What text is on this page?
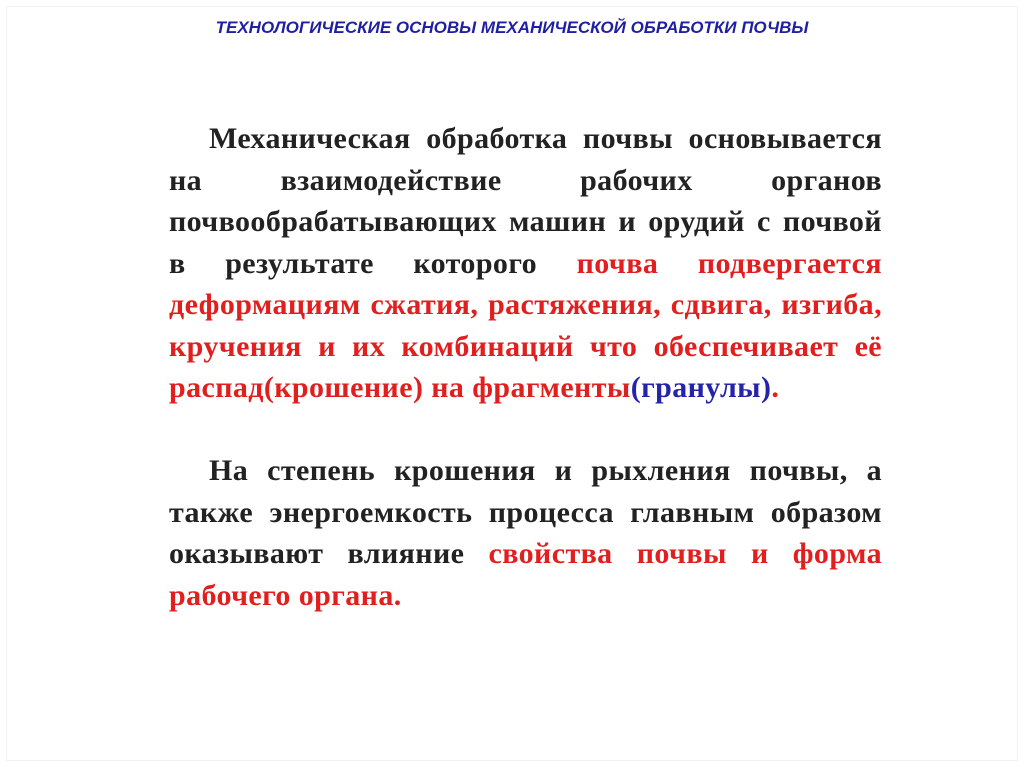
ТЕХНОЛОГИЧЕСКИЕ ОСНОВЫ МЕХАНИЧЕСКОЙ ОБРАБОТКИ ПОЧВЫ

Механическая обработка почвы основывается на взаимодействие рабочих органов почвообрабатывающих машин и орудий с почвой в результате которого почва подвергается деформациям сжатия, растяжения, сдвига, изгиба, кручения и их комбинаций что обеспечивает её распад(крошение) на фрагменты(гранулы).

На степень крошения и рыхления почвы, а также энергоемкость процесса главным образом оказывают влияние свойства почвы и форма рабочего органа.
